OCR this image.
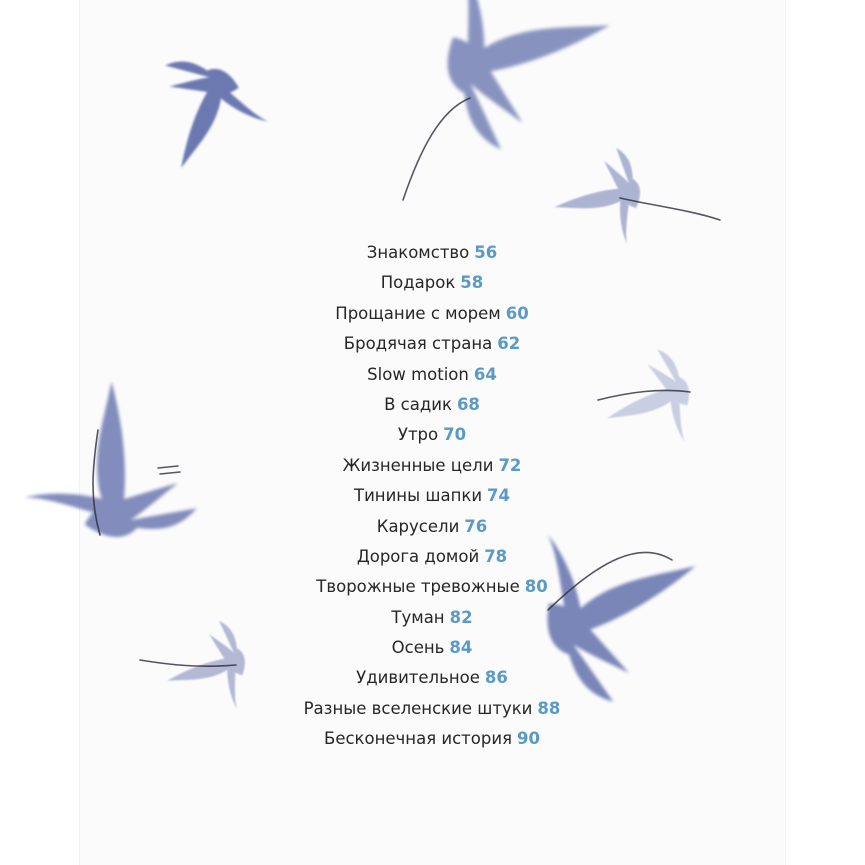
Знакомство 56
Подарок 58
Прощание с морем 60
Бродячая страна 62
Slow motion 64
В садик 68
Утро 70
Жизненные цели 72
Тинины шапки 74
Карусели 76
Дорога домой 78
Творожные тревожные 80
Туман 82
Осень 84
Удивительное 86
Разные вселенские штуки 88
Бесконечная история 90
